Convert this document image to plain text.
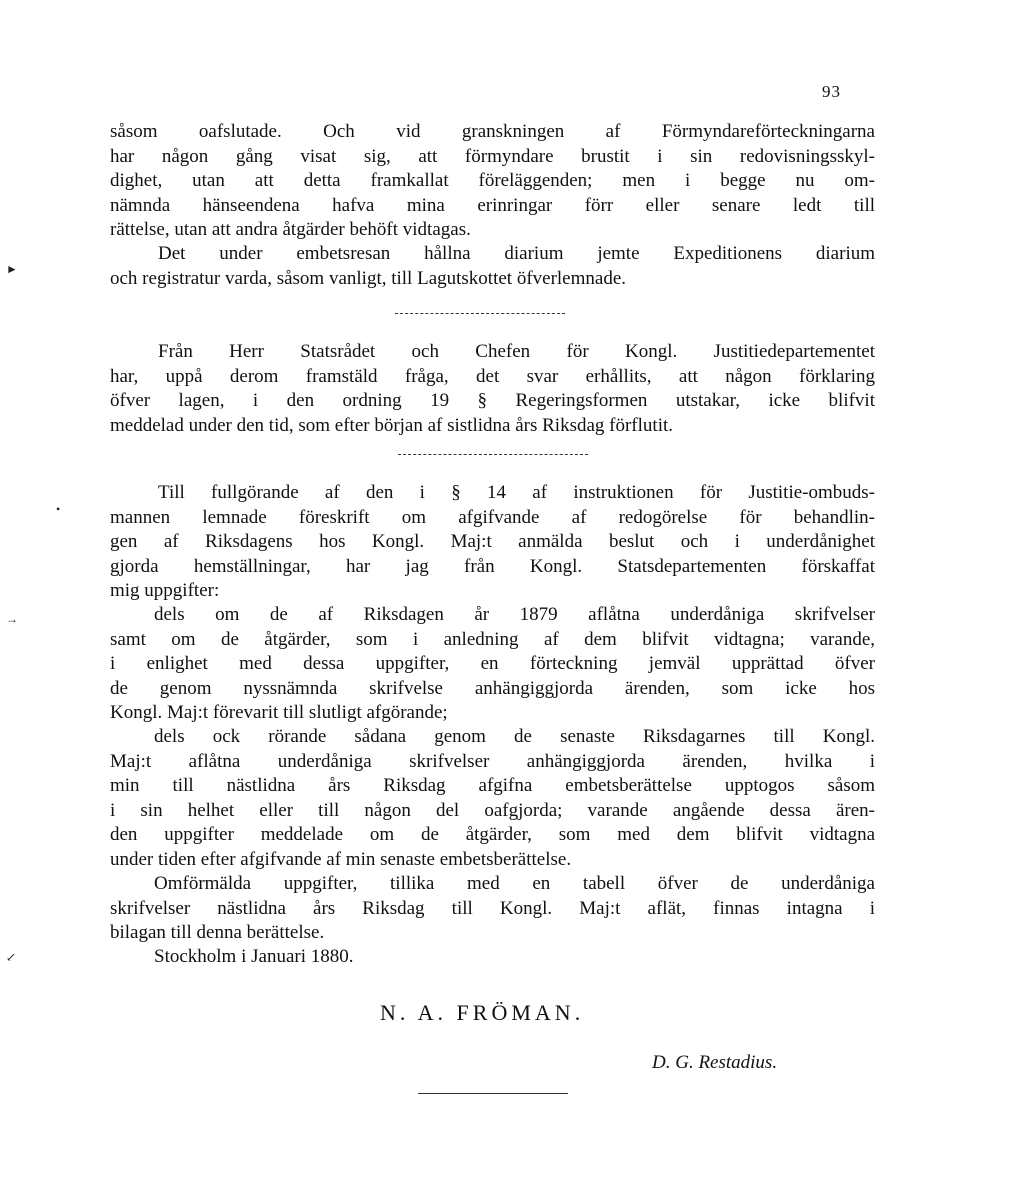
93
►
•
→
↙
såsom oafslutade. Och vid granskningen af Förmyndareförteckningarna
har någon gång visat sig, att förmyndare brustit i sin redovisningsskyl-
dighet, utan att detta framkallat föreläggenden; men i begge nu om-
nämnda hänseendena hafva mina erinringar förr eller senare ledt till
rättelse, utan att andra åtgärder behöft vidtagas.
Det under embetsresan hållna diarium jemte Expeditionens diarium
och registratur varda, såsom vanligt, till Lagutskottet öfverlemnade.
Från Herr Statsrådet och Chefen för Kongl. Justitiedepartementet
har, uppå derom framstäld fråga, det svar erhållits, att någon förklaring
öfver lagen, i den ordning 19 § Regeringsformen utstakar, icke blifvit
meddelad under den tid, som efter början af sistlidna års Riksdag förflutit.
Till fullgörande af den i § 14 af instruktionen för Justitie-ombuds-
mannen lemnade föreskrift om afgifvande af redogörelse för behandlin-
gen af Riksdagens hos Kongl. Maj:t anmälda beslut och i underdånighet
gjorda hemställningar, har jag från Kongl. Statsdepartementen förskaffat
mig uppgifter:
dels om de af Riksdagen år 1879 aflåtna underdåniga skrifvelser
samt om de åtgärder, som i anledning af dem blifvit vidtagna; varande,
i enlighet med dessa uppgifter, en förteckning jemväl upprättad öfver
de genom nyssnämnda skrifvelse anhängiggjorda ärenden, som icke hos
Kongl. Maj:t förevarit till slutligt afgörande;
dels ock rörande sådana genom de senaste Riksdagarnes till Kongl.
Maj:t aflåtna underdåniga skrifvelser anhängiggjorda ärenden, hvilka i
min till nästlidna års Riksdag afgifna embetsberättelse upptogos såsom
i sin helhet eller till någon del oafgjorda; varande angående dessa ären-
den uppgifter meddelade om de åtgärder, som med dem blifvit vidtagna
under tiden efter afgifvande af min senaste embetsberättelse.
Omförmälda uppgifter, tillika med en tabell öfver de underdåniga
skrifvelser nästlidna års Riksdag till Kongl. Maj:t aflät, finnas intagna i
bilagan till denna berättelse.
Stockholm i Januari 1880.
N. A. FRÖMAN.
D. G. Restadius.
